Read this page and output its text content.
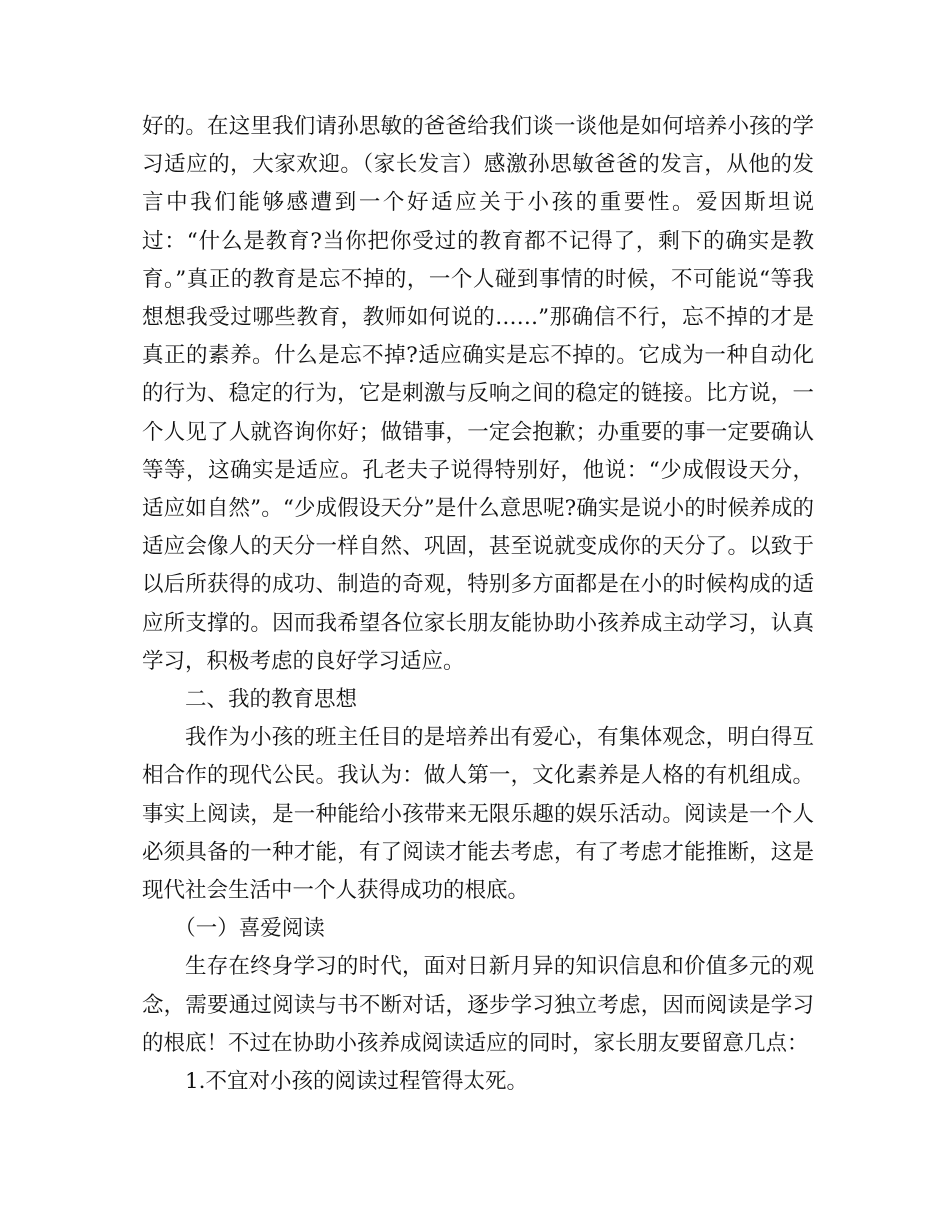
好的。在这里我们请孙思敏的爸爸给我们谈一谈他是如何培养小孩的学习适应的，大家欢迎。（家长发言）感激孙思敏爸爸的发言，从他的发言中我们能够感遭到一个好适应关于小孩的重要性。爱因斯坦说过：“什么是教育?当你把你受过的教育都不记得了，剩下的确实是教育。”真正的教育是忘不掉的，一个人碰到事情的时候，不可能说“等我想想我受过哪些教育，教师如何说的……”那确信不行，忘不掉的才是真正的素养。什么是忘不掉?适应确实是忘不掉的。它成为一种自动化的行为、稳定的行为，它是刺激与反响之间的稳定的链接。比方说，一个人见了人就咨询你好；做错事，一定会抱歉；办重要的事一定要确认等等，这确实是适应。孔老夫子说得特别好，他说：“少成假设天分，适应如自然”。“少成假设天分”是什么意思呢?确实是说小的时候养成的适应会像人的天分一样自然、巩固，甚至说就变成你的天分了。以致于以后所获得的成功、制造的奇观，特别多方面都是在小的时候构成的适应所支撑的。因而我希望各位家长朋友能协助小孩养成主动学习，认真学习，积极考虑的良好学习适应。

二、我的教育思想

我作为小孩的班主任目的是培养出有爱心，有集体观念，明白得互相合作的现代公民。我认为：做人第一，文化素养是人格的有机组成。事实上阅读，是一种能给小孩带来无限乐趣的娱乐活动。阅读是一个人必须具备的一种才能，有了阅读才能去考虑，有了考虑才能推断，这是现代社会生活中一个人获得成功的根底。

（一）喜爱阅读

生存在终身学习的时代，面对日新月异的知识信息和价值多元的观念，需要通过阅读与书不断对话，逐步学习独立考虑，因而阅读是学习的根底！不过在协助小孩养成阅读适应的同时，家长朋友要留意几点：

1.不宜对小孩的阅读过程管得太死。
